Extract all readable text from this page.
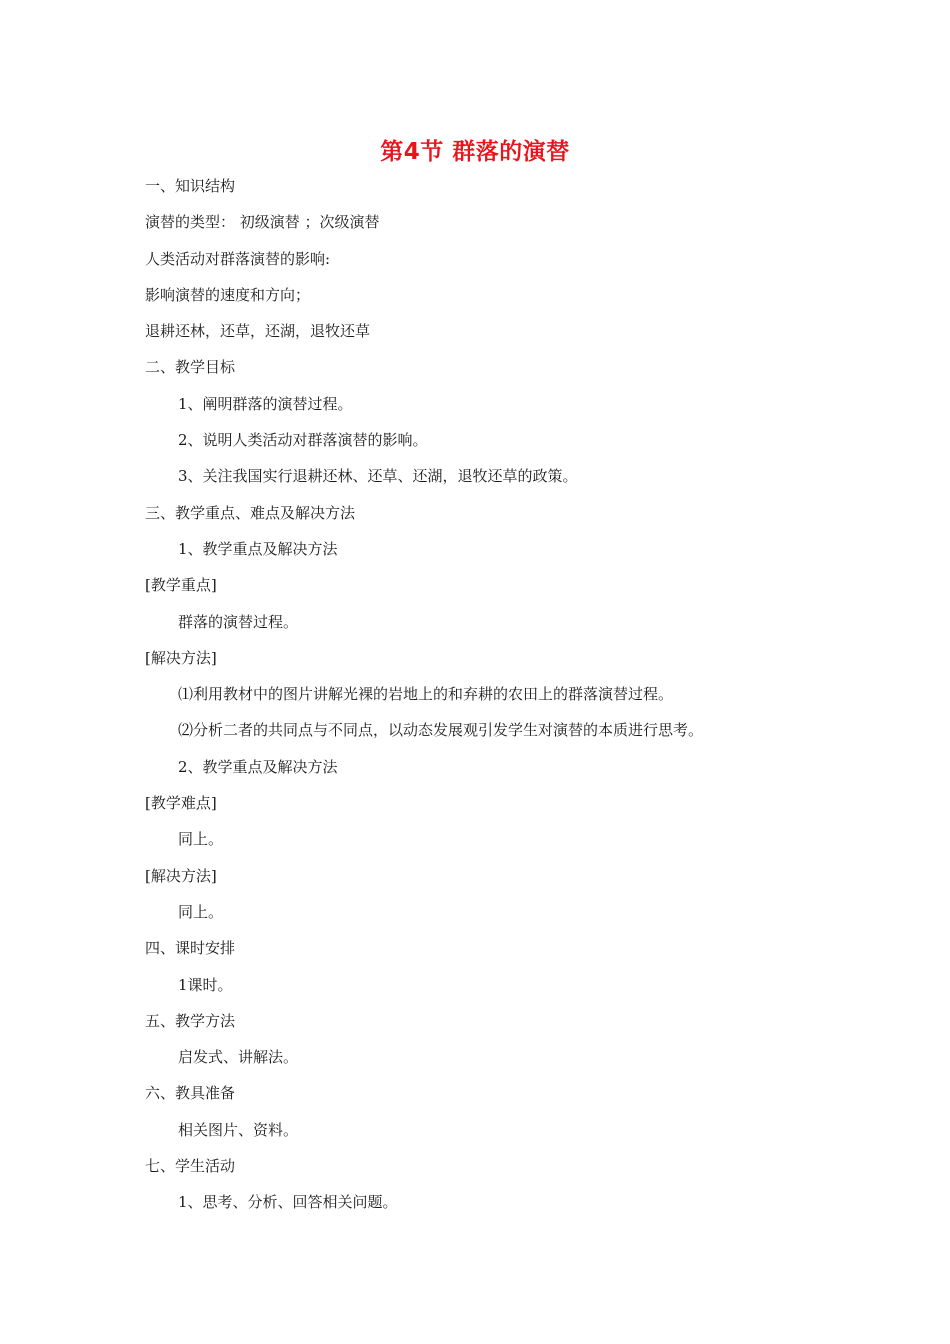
第4节 群落的演替
一、知识结构
演替的类型： 初级演替 ；次级演替
人类活动对群落演替的影响:
影响演替的速度和方向；
退耕还林，还草，还湖，退牧还草
二、教学目标
1、阐明群落的演替过程。
2、说明人类活动对群落演替的影响。
3、关注我国实行退耕还林、还草、还湖，退牧还草的政策。
三、教学重点、难点及解决方法
1、教学重点及解决方法
[教学重点]
群落的演替过程。
[解决方法]
⑴利用教材中的图片讲解光裸的岩地上的和弃耕的农田上的群落演替过程。
⑵分析二者的共同点与不同点，以动态发展观引发学生对演替的本质进行思考。
2、教学重点及解决方法
[教学难点]
同上。
[解决方法]
同上。
四、课时安排
1课时。
五、教学方法
启发式、讲解法。
六、教具准备
相关图片、资料。
七、学生活动
1、思考、分析、回答相关问题。
